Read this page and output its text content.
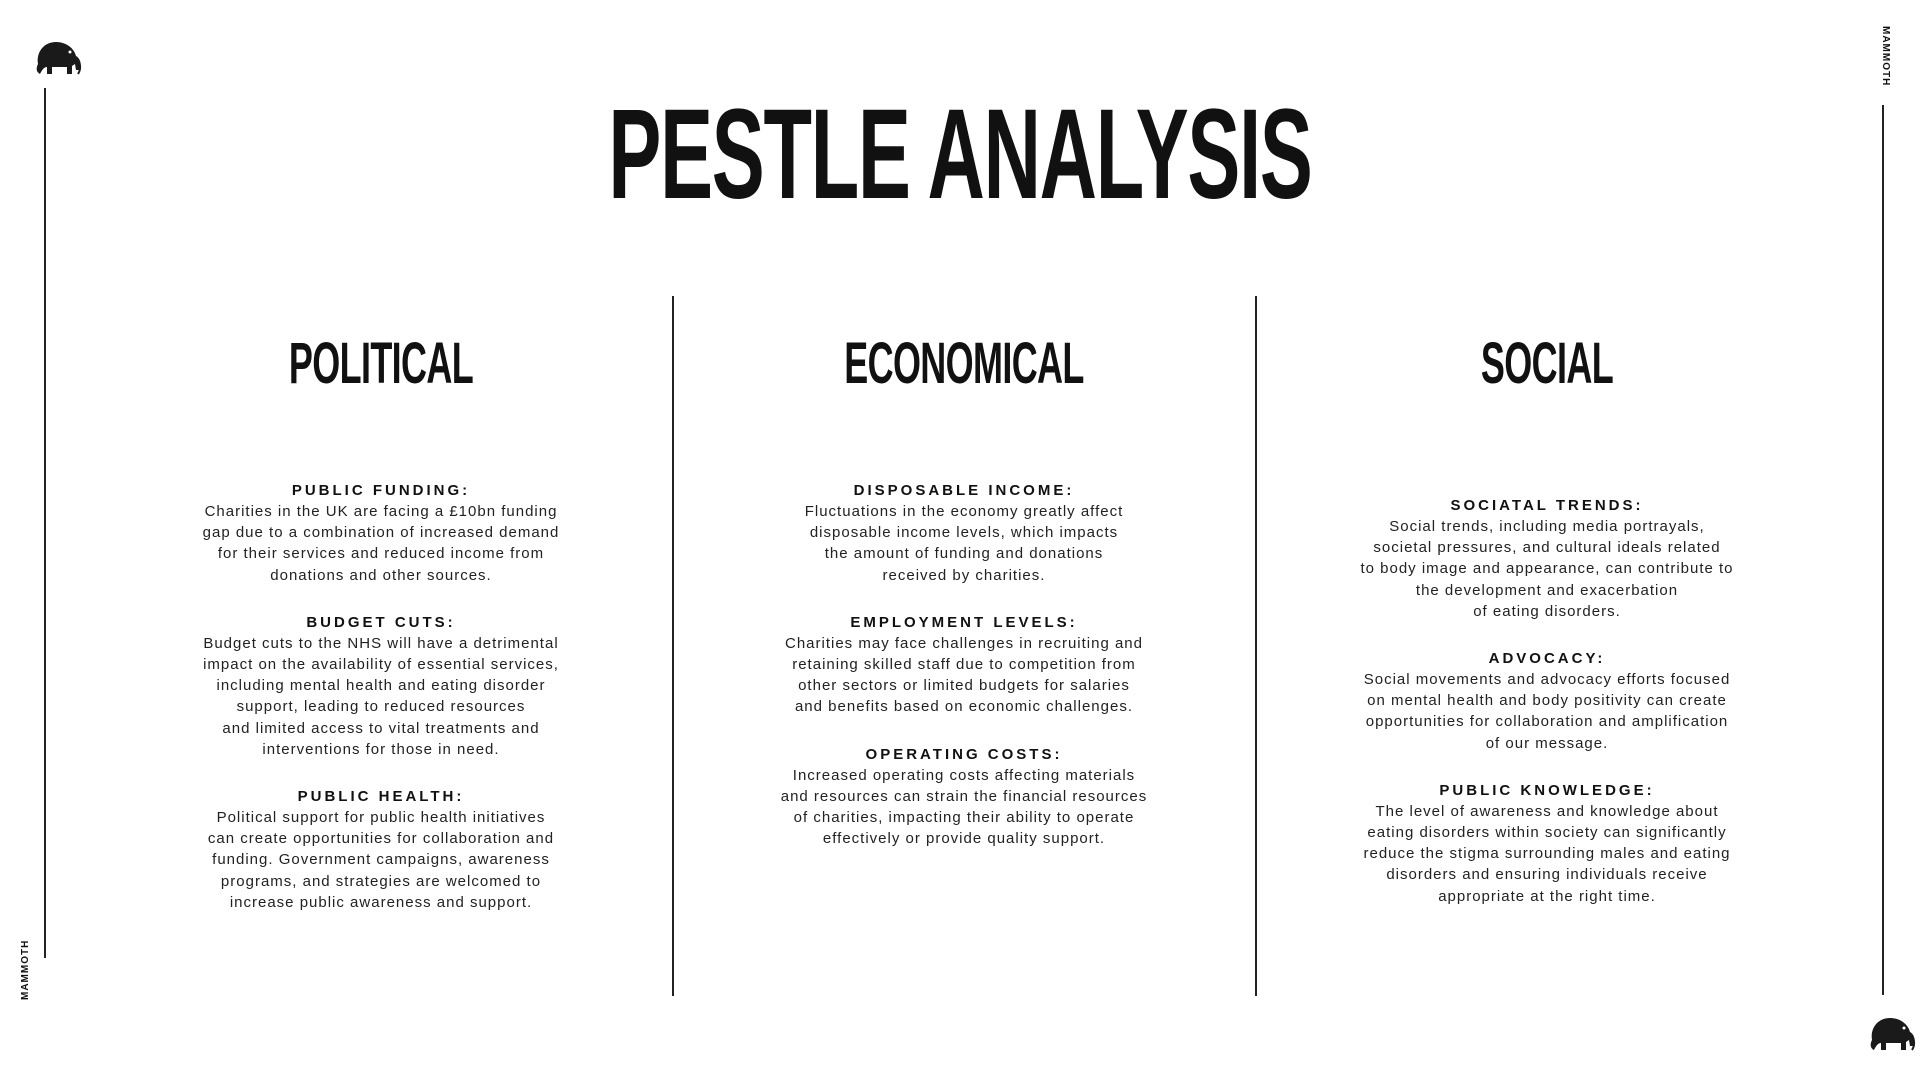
PESTLE ANALYSIS
MAMMOTH
MAMMOTH
POLITICAL
PUBLIC FUNDING:

Charities in the UK are facing a £10bn funding
gap due to a combination of increased demand
for their services and reduced income from
donations and other sources.

BUDGET CUTS:

Budget cuts to the NHS will have a detrimental
impact on the availability of essential services,
including mental health and eating disorder
support, leading to reduced resources
and limited access to vital treatments and
interventions for those in need.

PUBLIC HEALTH:

Political support for public health initiatives
can create opportunities for collaboration and
funding. Government campaigns, awareness
programs, and strategies are welcomed to
increase public awareness and support.

ECONOMICAL
DISPOSABLE INCOME:

Fluctuations in the economy greatly affect
disposable income levels, which impacts
the amount of funding and donations
received by charities.

EMPLOYMENT LEVELS:

Charities may face challenges in recruiting and
retaining skilled staff due to competition from
other sectors or limited budgets for salaries
and benefits based on economic challenges.

OPERATING COSTS:

Increased operating costs affecting materials
and resources can strain the financial resources
of charities, impacting their ability to operate
effectively or provide quality support.

SOCIAL
SOCIATAL TRENDS:

Social trends, including media portrayals,
societal pressures, and cultural ideals related
to body image and appearance, can contribute to
the development and exacerbation
of eating disorders.

ADVOCACY:

Social movements and advocacy efforts focused
on mental health and body positivity can create
opportunities for collaboration and amplification
of our message.

PUBLIC KNOWLEDGE:

The level of awareness and knowledge about
eating disorders within society can significantly
reduce the stigma surrounding males and eating
disorders and ensuring individuals receive
appropriate at the right time.
